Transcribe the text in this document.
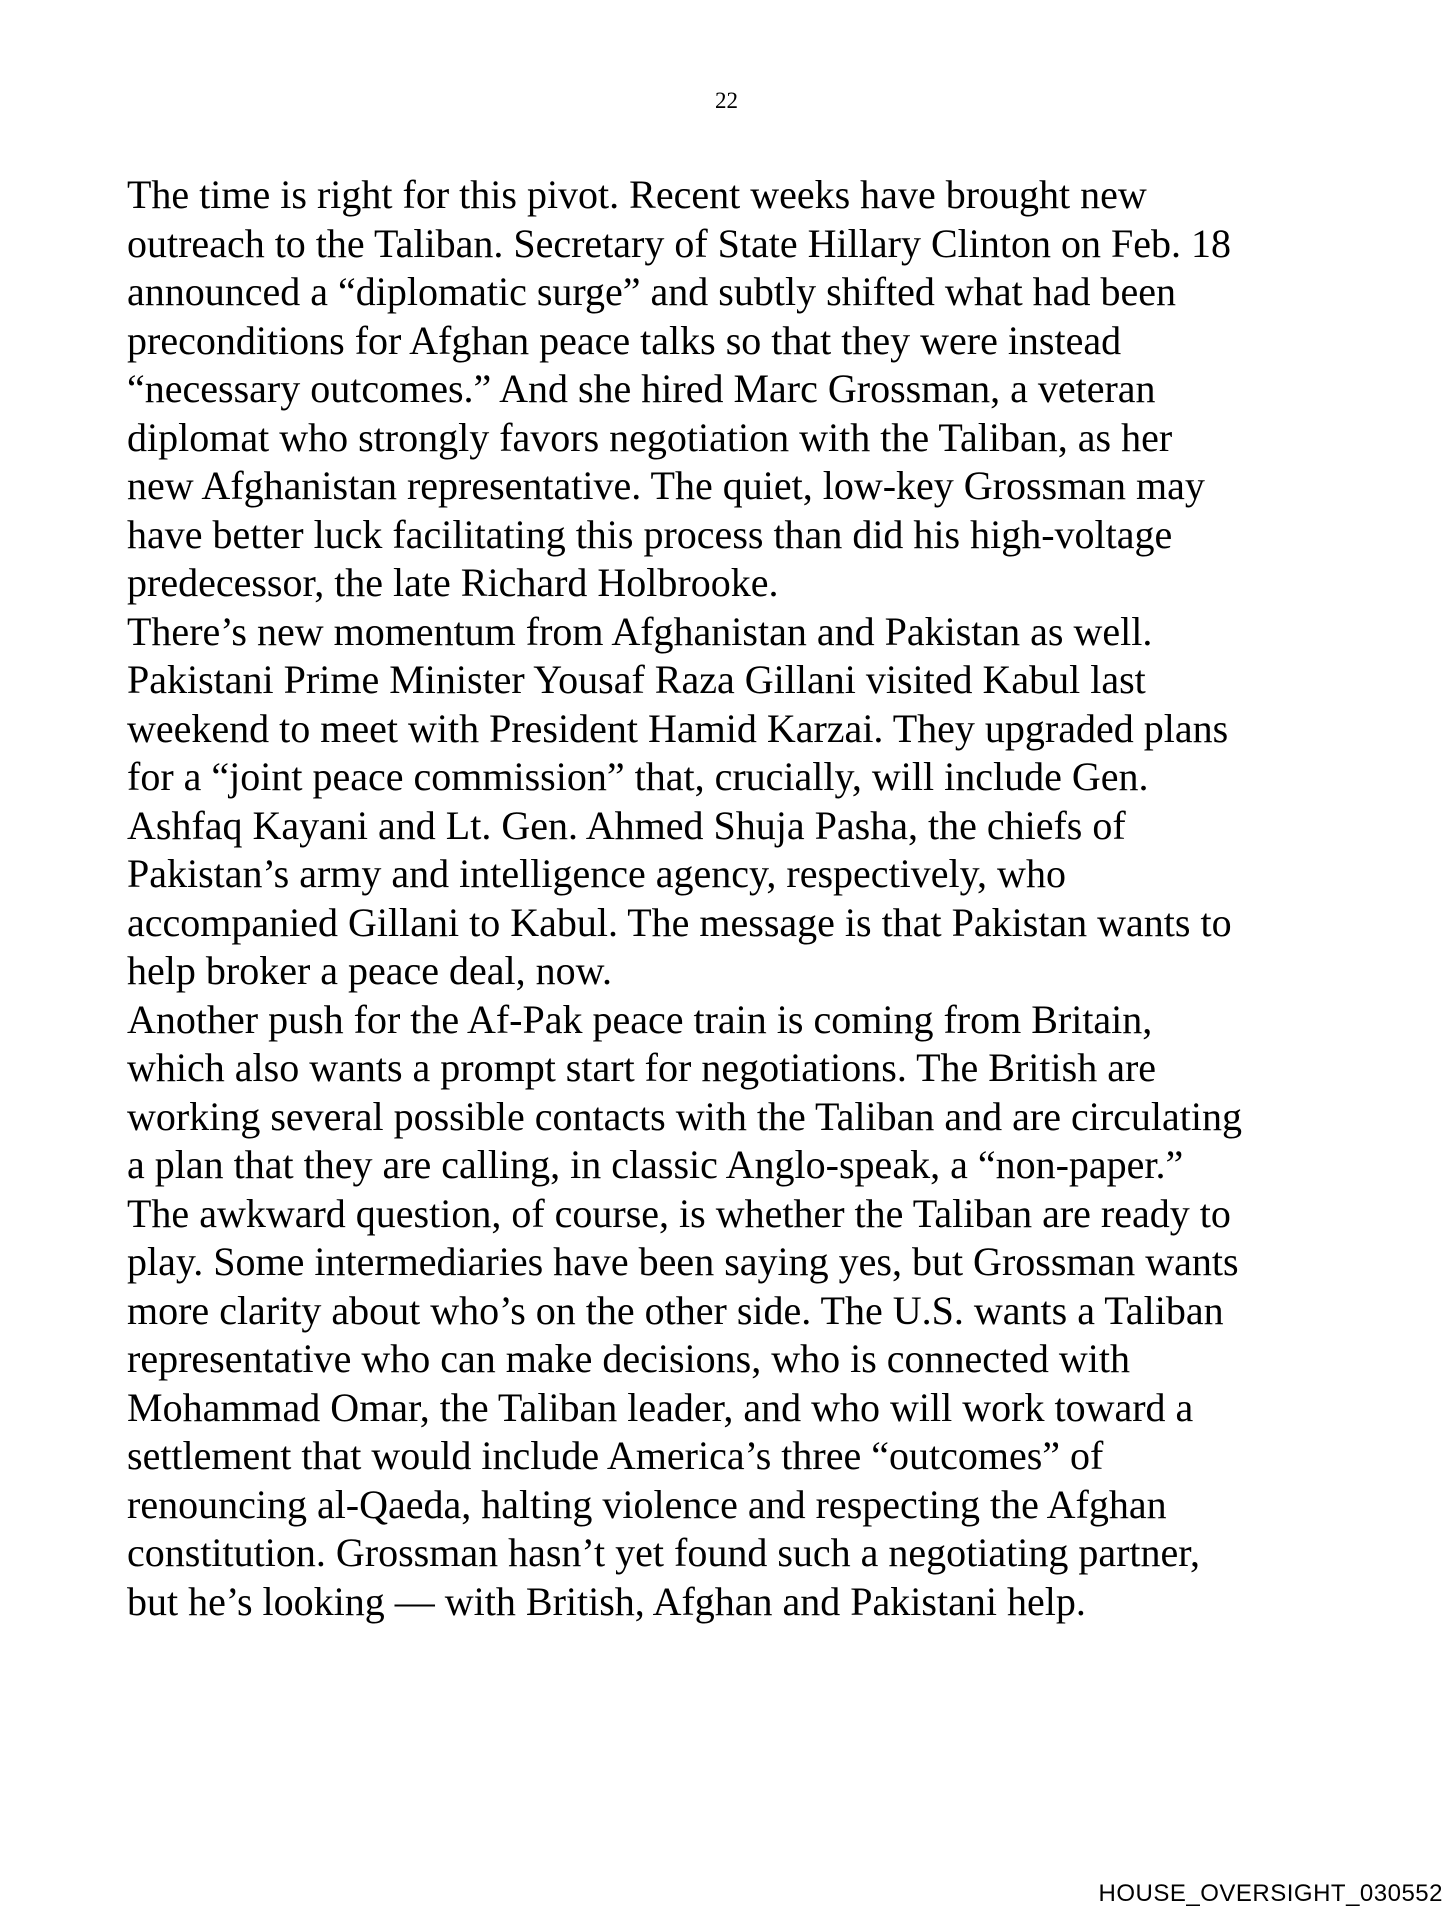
22
The time is right for this pivot. Recent weeks have brought new
outreach to the Taliban. Secretary of State Hillary Clinton on Feb. 18
announced a “diplomatic surge” and subtly shifted what had been
preconditions for Afghan peace talks so that they were instead
“necessary outcomes.” And she hired Marc Grossman, a veteran
diplomat who strongly favors negotiation with the Taliban, as her
new Afghanistan representative. The quiet, low-key Grossman may
have better luck facilitating this process than did his high-voltage
predecessor, the late Richard Holbrooke.
There’s new momentum from Afghanistan and Pakistan as well.
Pakistani Prime Minister Yousaf Raza Gillani visited Kabul last
weekend to meet with President Hamid Karzai. They upgraded plans
for a “joint peace commission” that, crucially, will include Gen.
Ashfaq Kayani and Lt. Gen. Ahmed Shuja Pasha, the chiefs of
Pakistan’s army and intelligence agency, respectively, who
accompanied Gillani to Kabul. The message is that Pakistan wants to
help broker a peace deal, now.
Another push for the Af-Pak peace train is coming from Britain,
which also wants a prompt start for negotiations. The British are
working several possible contacts with the Taliban and are circulating
a plan that they are calling, in classic Anglo-speak, a “non-paper.”
The awkward question, of course, is whether the Taliban are ready to
play. Some intermediaries have been saying yes, but Grossman wants
more clarity about who’s on the other side. The U.S. wants a Taliban
representative who can make decisions, who is connected with
Mohammad Omar, the Taliban leader, and who will work toward a
settlement that would include America’s three “outcomes” of
renouncing al-Qaeda, halting violence and respecting the Afghan
constitution. Grossman hasn’t yet found such a negotiating partner,
but he’s looking — with British, Afghan and Pakistani help.
HOUSE_OVERSIGHT_030552
